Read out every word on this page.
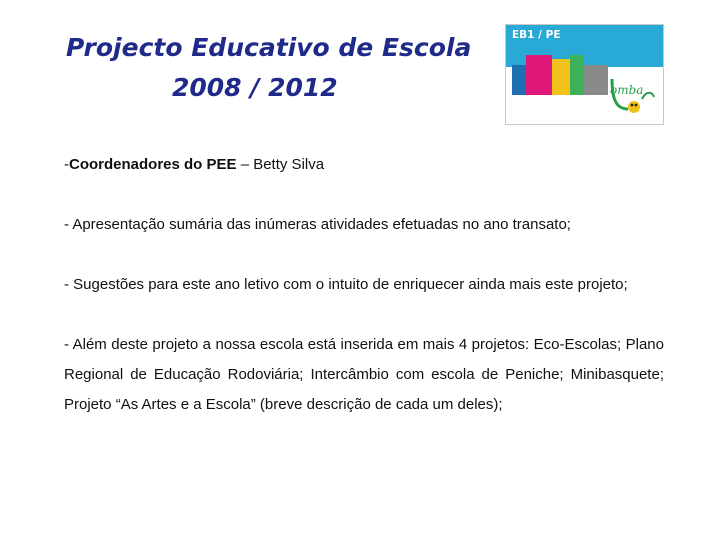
Projecto Educativo de Escola
2008 / 2012
EB1 / PE
omba

-Coordenadores do PEE – Betty Silva

- Apresentação sumária das inúmeras atividades efetuadas no ano transato;

- Sugestões para este ano letivo com o intuito de enriquecer ainda mais este projeto;

- Além deste projeto a nossa escola está inserida em mais 4 projetos: Eco-Escolas; Plano Regional de Educação Rodoviária; Intercâmbio com escola de Peniche; Minibasquete; Projeto “As Artes e a Escola” (breve descrição de cada um deles);
